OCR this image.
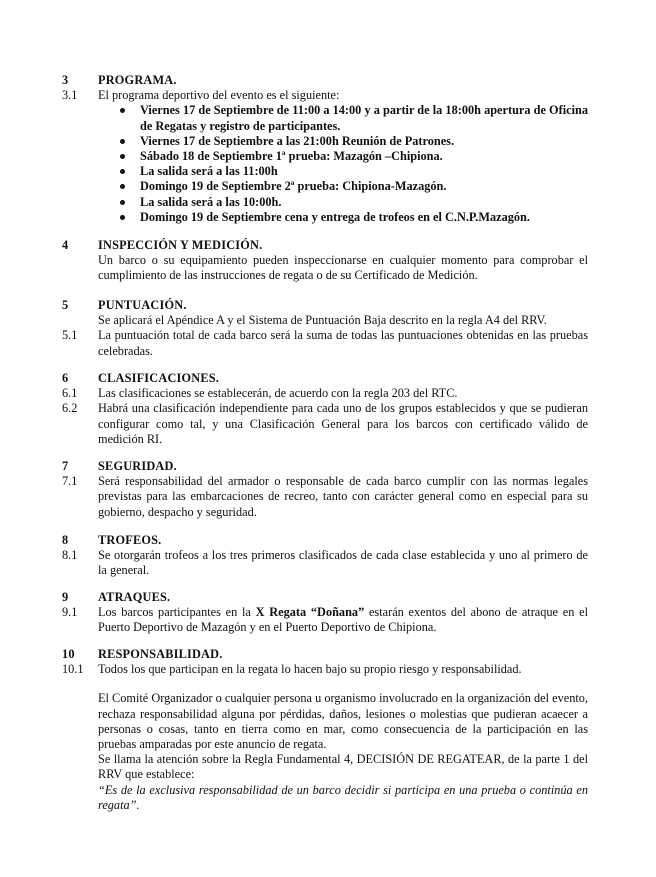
3	PROGRAMA.
3.1	El programa deportivo del evento es el siguiente:
Viernes 17 de Septiembre de 11:00 a 14:00 y a partir de la 18:00h apertura de Oficina de Regatas y registro de participantes.
Viernes 17 de Septiembre a las 21:00h Reunión de Patrones.
Sábado 18 de Septiembre 1ª prueba: Mazagón –Chipiona.
La salida será a las 11:00h
Domingo 19 de Septiembre 2ª prueba: Chipiona-Mazagón.
La salida será a las 10:00h.
Domingo 19 de Septiembre cena y entrega de trofeos en el C.N.P.Mazagón.
4	INSPECCIÓN Y MEDICIÓN.
Un barco o su equipamiento pueden inspeccionarse en cualquier momento para comprobar el cumplimiento de las instrucciones de regata o de su Certificado de Medición.
5	PUNTUACIÓN.
Se aplicará el Apéndice A y el Sistema de Puntuación Baja descrito en la regla A4 del RRV.
5.1	La puntuación total de cada barco será la suma de todas las puntuaciones obtenidas en las pruebas celebradas.
6	CLASIFICACIONES.
6.1	Las clasificaciones se establecerán, de acuerdo con la regla 203 del RTC.
6.2	Habrá una clasificación independiente para cada uno de los grupos establecidos y que se pudieran configurar como tal, y una Clasificación General para los barcos con certificado válido de medición RI.
7	SEGURIDAD.
7.1	Será responsabilidad del armador o responsable de cada barco cumplir con las normas legales previstas para las embarcaciones de recreo, tanto con carácter general como en especial para su gobierno, despacho y seguridad.
8	TROFEOS.
8.1	Se otorgarán trofeos a los tres primeros clasificados de cada clase establecida y uno al primero de la general.
9	ATRAQUES.
9.1	Los barcos participantes en la X Regata “Doñana” estarán exentos del abono de atraque en el Puerto Deportivo de Mazagón y en el Puerto Deportivo de Chipiona.
10	RESPONSABILIDAD.
10.1	Todos los que participan en la regata lo hacen bajo su propio riesgo y responsabilidad.
El Comité Organizador o cualquier persona u organismo involucrado en la organización del evento, rechaza responsabilidad alguna por pérdidas, daños, lesiones o molestias que pudieran acaecer a personas o cosas, tanto en tierra como en mar, como consecuencia de la participación en las pruebas amparadas por este anuncio de regata.
Se llama la atención sobre la Regla Fundamental 4, DECISIÓN DE REGATEAR, de la parte 1 del RRV que establece:
“Es de la exclusiva responsabilidad de un barco decidir si participa en una prueba o continúa en regata”.
